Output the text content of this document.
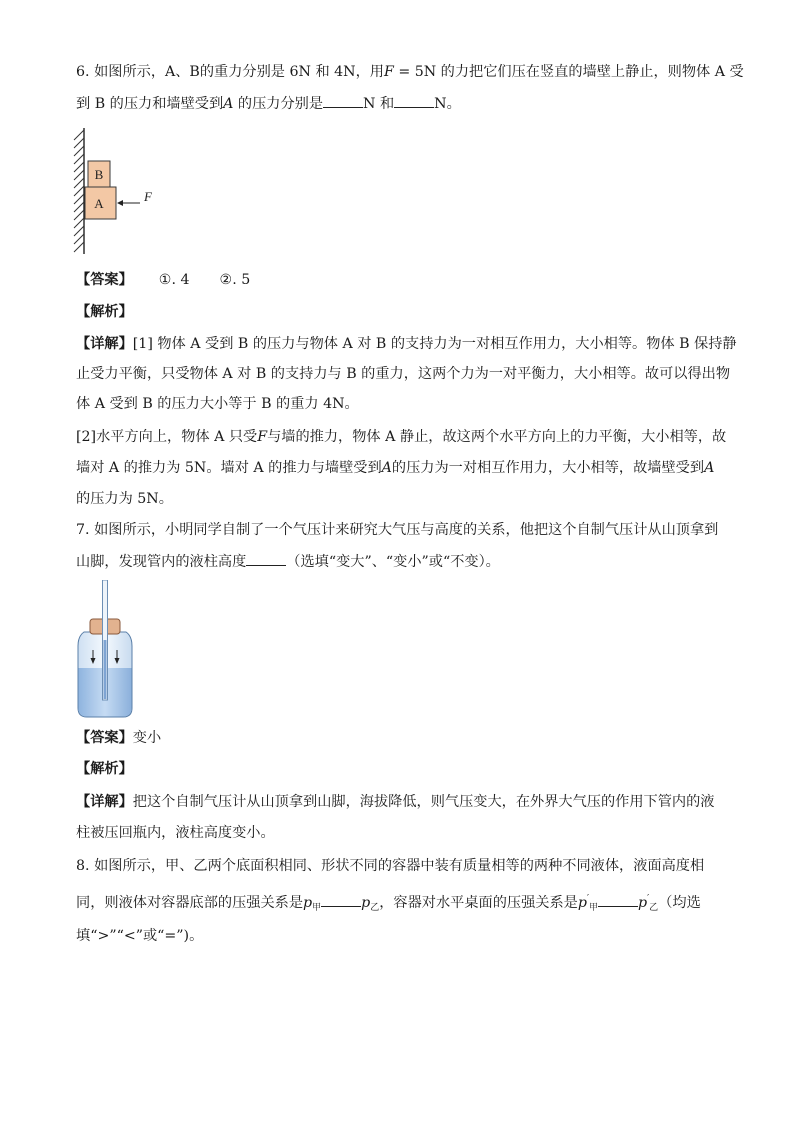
6. 如图所示，A、B的重力分别是 6N 和 4N，用F = 5N 的力把它们压在竖直的墙壁上静止，则物体 A 受
到 B 的压力和墙壁受到A 的压力分别是	N 和	N。
B
A	F
【答案】 ①. 4 ②. 5
【解析】
【详解】[1] 物体 A 受到 B 的压力与物体 A 对 B 的支持力为一对相互作用力，大小相等。物体 B 保持静
止受力平衡，只受物体 A 对 B 的支持力与 B 的重力，这两个力为一对平衡力，大小相等。故可以得出物
体 A 受到 B 的压力大小等于 B 的重力 4N。
[2]水平方向上，物体 A 只受F与墙的推力，物体 A 静止，故这两个水平方向上的力平衡，大小相等，故
墙对 A 的推力为 5N。墙对 A 的推力与墙壁受到A的压力为一对相互作用力，大小相等，故墙壁受到A
的压力为 5N。
7. 如图所示，小明同学自制了一个气压计来研究大气压与高度的关系，他把这个自制气压计从山顶拿到
山脚，发现管内的液柱高度	（选填“变大”、“变小”或“不变）。
【答案】变小
【解析】
【详解】把这个自制气压计从山顶拿到山脚，海拔降低，则气压变大，在外界大气压的作用下管内的液
柱被压回瓶内，液柱高度变小。
8. 如图所示，甲、乙两个底面积相同、形状不同的容器中装有质量相等的两种不同液体，液面高度相
同，则液体对容器底部的压强关系是$p_甲$	$p_乙$，容器对水平桌面的压强关系是$p'_甲$	$p'_乙$（均选
填“>”“<”或“=”)。
